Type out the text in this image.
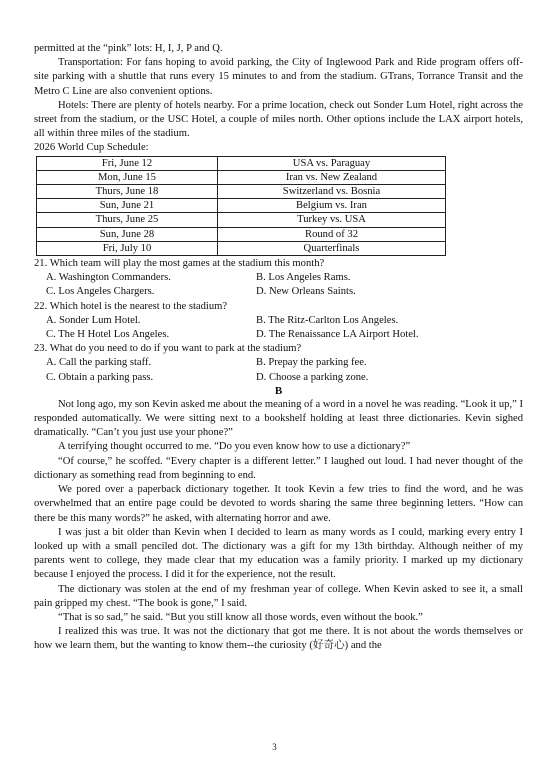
permitted at the “pink” lots: H, I, J, P and Q.

Transportation: For fans hoping to avoid parking, the City of Inglewood Park and Ride program offers off-site parking with a shuttle that runs every 15 minutes to and from the stadium. GTrans, Torrance Transit and the Metro C Line are also convenient options.

Hotels: There are plenty of hotels nearby. For a prime location, check out Sonder Lum Hotel, right across the street from the stadium, or the USC Hotel, a couple of miles north. Other options include the LAX airport hotels, all within three miles of the stadium.

2026 World Cup Schedule:

Fri, June 12	USA vs. Paraguay
Mon, June 15	Iran vs. New Zealand
Thurs, June 18	Switzerland vs. Bosnia
Sun, June 21	Belgium vs. Iran
Thurs, June 25	Turkey vs. USA
Sun, June 28	Round of 32
Fri, July 10	Quarterfinals

21. Which team will play the most games at the stadium this month?

A. Washington Commanders.	B. Los Angeles Rams.
C. Los Angeles Chargers.	D. New Orleans Saints.

22. Which hotel is the nearest to the stadium?

A. Sonder Lum Hotel.	B. The Ritz-Carlton Los Angeles.
C. The H Hotel Los Angeles.	D. The Renaissance LA Airport Hotel.

23. What do you need to do if you want to park at the stadium?

A. Call the parking staff.	B. Prepay the parking fee.
C. Obtain a parking pass.	D. Choose a parking zone.

B

Not long ago, my son Kevin asked me about the meaning of a word in a novel he was reading. “Look it up,” I responded automatically. We were sitting next to a bookshelf holding at least three dictionaries. Kevin sighed dramatically. “Can’t you just use your phone?”

A terrifying thought occurred to me. “Do you even know how to use a dictionary?”

“Of course,” he scoffed. “Every chapter is a different letter.” I laughed out loud. I had never thought of the dictionary as something read from beginning to end.

We pored over a paperback dictionary together. It took Kevin a few tries to find the word, and he was overwhelmed that an entire page could be devoted to words sharing the same three beginning letters. “How can there be this many words?” he asked, with alternating horror and awe.

I was just a bit older than Kevin when I decided to learn as many words as I could, marking every entry I looked up with a small penciled dot. The dictionary was a gift for my 13th birthday. Although neither of my parents went to college, they made clear that my education was a family priority. I marked up my dictionary because I enjoyed the process. I did it for the experience, not the result.

The dictionary was stolen at the end of my freshman year of college. When Kevin asked to see it, a small pain gripped my chest. “The book is gone,” I said.

“That is so sad,” he said. “But you still know all those words, even without the book.”

I realized this was true. It was not the dictionary that got me there. It is not about the words themselves or how we learn them, but the wanting to know them--the curiosity (好奇心) and the

3
